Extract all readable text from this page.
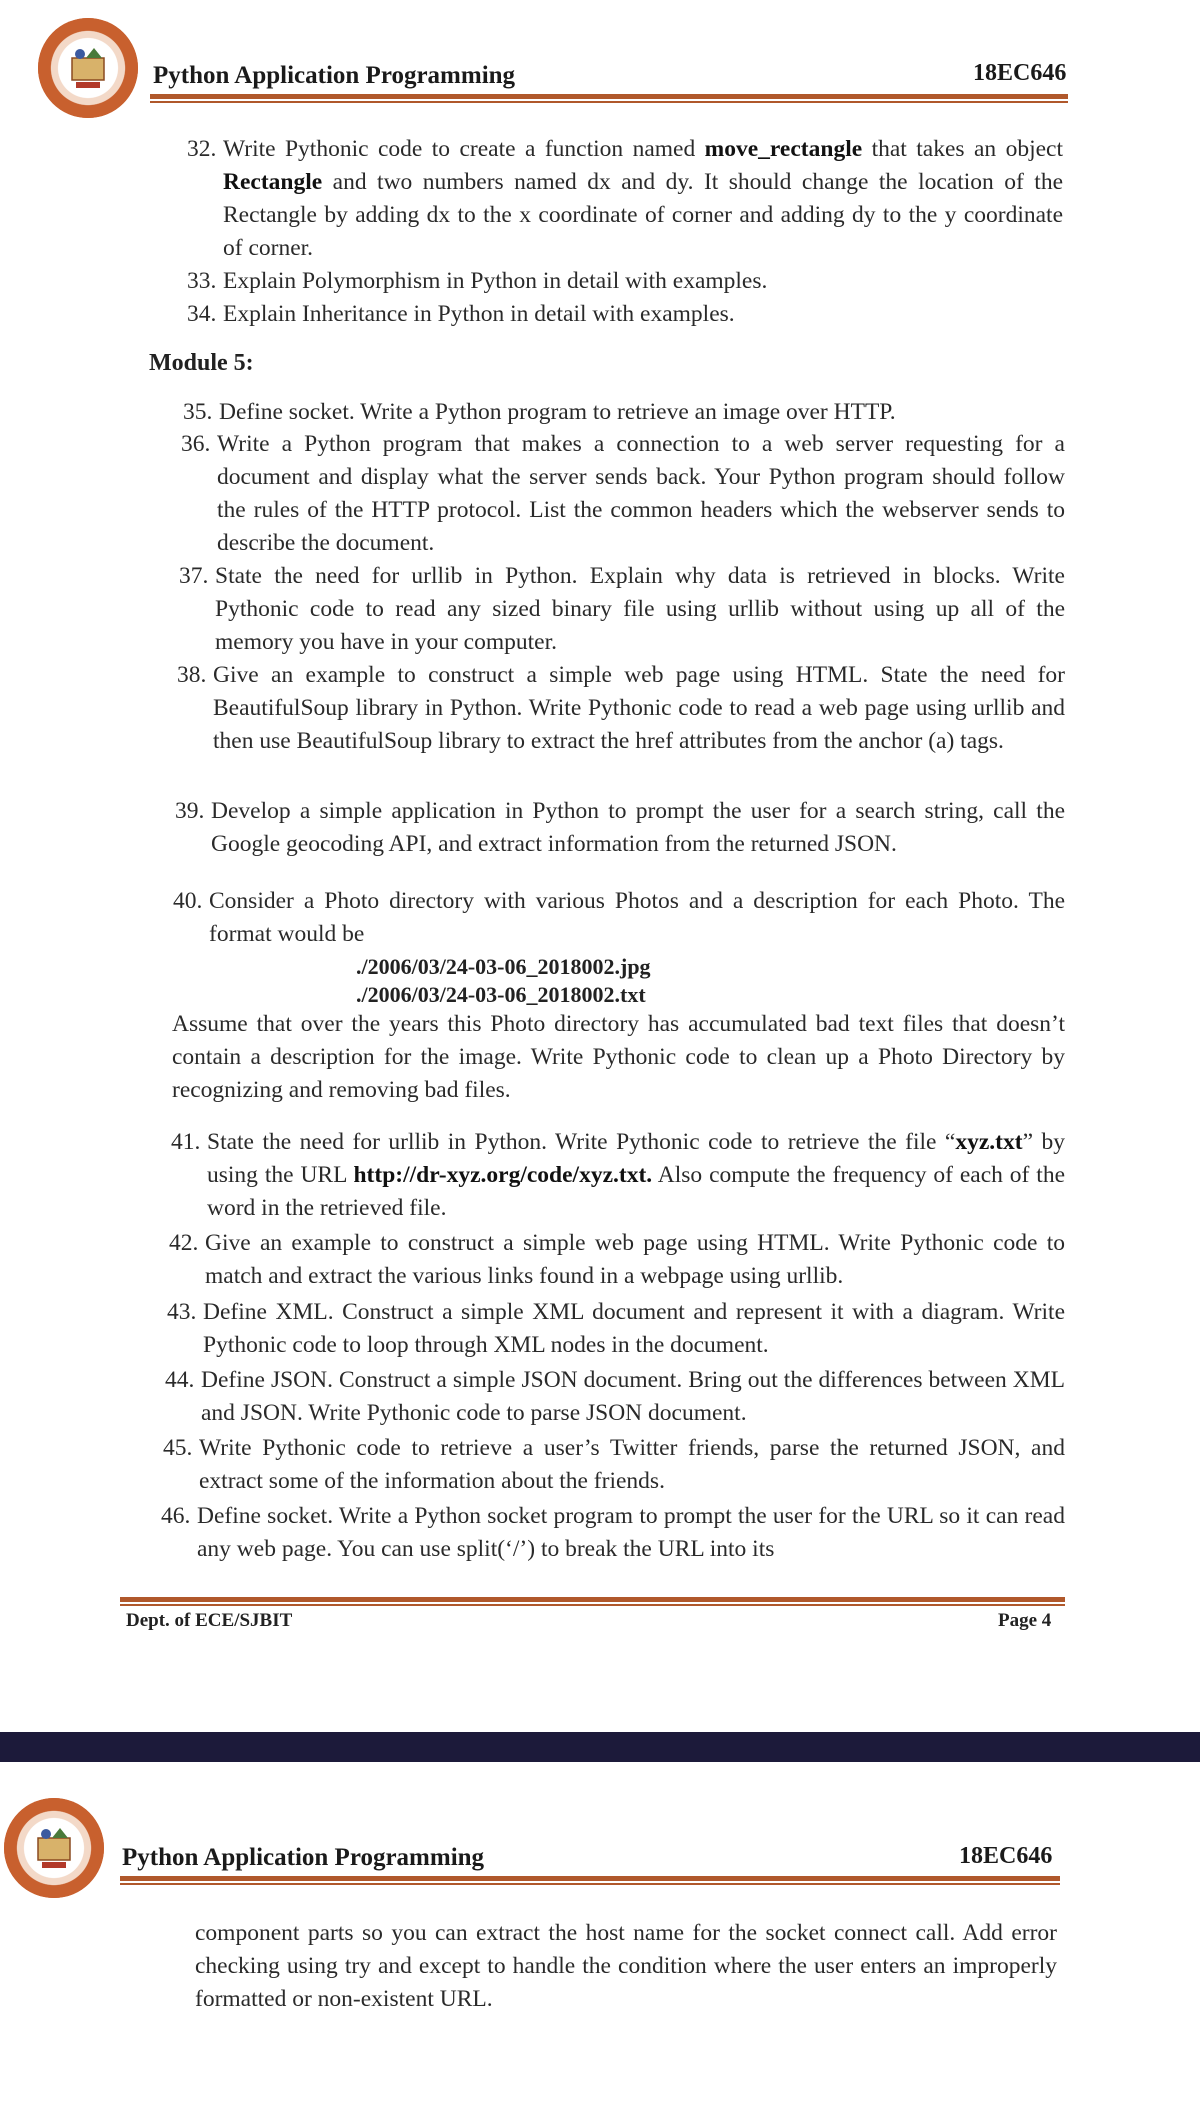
Python Application Programming	18EC646
32. Write Pythonic code to create a function named move_rectangle that takes an object Rectangle and two numbers named dx and dy. It should change the location of the Rectangle by adding dx to the x coordinate of corner and adding dy to the y coordinate of corner.
33. Explain Polymorphism in Python in detail with examples.
34. Explain Inheritance in Python in detail with examples.
Module 5:
35. Define socket. Write a Python program to retrieve an image over HTTP.
36. Write a Python program that makes a connection to a web server requesting for a document and display what the server sends back. Your Python program should follow the rules of the HTTP protocol. List the common headers which the webserver sends to describe the document.
37. State the need for urllib in Python. Explain why data is retrieved in blocks. Write Pythonic code to read any sized binary file using urllib without using up all of the memory you have in your computer.
38. Give an example to construct a simple web page using HTML. State the need for BeautifulSoup library in Python. Write Pythonic code to read a web page using urllib and then use BeautifulSoup library to extract the href attributes from the anchor (a) tags.
39. Develop a simple application in Python to prompt the user for a search string, call the Google geocoding API, and extract information from the returned JSON.
40. Consider a Photo directory with various Photos and a description for each Photo. The format would be
./2006/03/24-03-06_2018002.jpg
./2006/03/24-03-06_2018002.txt
Assume that over the years this Photo directory has accumulated bad text files that doesn’t contain a description for the image. Write Pythonic code to clean up a Photo Directory by recognizing and removing bad files.
41. State the need for urllib in Python. Write Pythonic code to retrieve the file “xyz.txt” by using the URL http://dr-xyz.org/code/xyz.txt. Also compute the frequency of each of the word in the retrieved file.
42. Give an example to construct a simple web page using HTML. Write Pythonic code to match and extract the various links found in a webpage using urllib.
43. Define XML. Construct a simple XML document and represent it with a diagram. Write Pythonic code to loop through XML nodes in the document.
44. Define JSON. Construct a simple JSON document. Bring out the differences between XML and JSON. Write Pythonic code to parse JSON document.
45. Write Pythonic code to retrieve a user’s Twitter friends, parse the returned JSON, and extract some of the information about the friends.
46. Define socket. Write a Python socket program to prompt the user for the URL so it can read any web page. You can use split(‘/’) to break the URL into its
Dept. of ECE/SJBIT	Page 4
Python Application Programming	18EC646
component parts so you can extract the host name for the socket connect call. Add error checking using try and except to handle the condition where the user enters an improperly formatted or non-existent URL.
